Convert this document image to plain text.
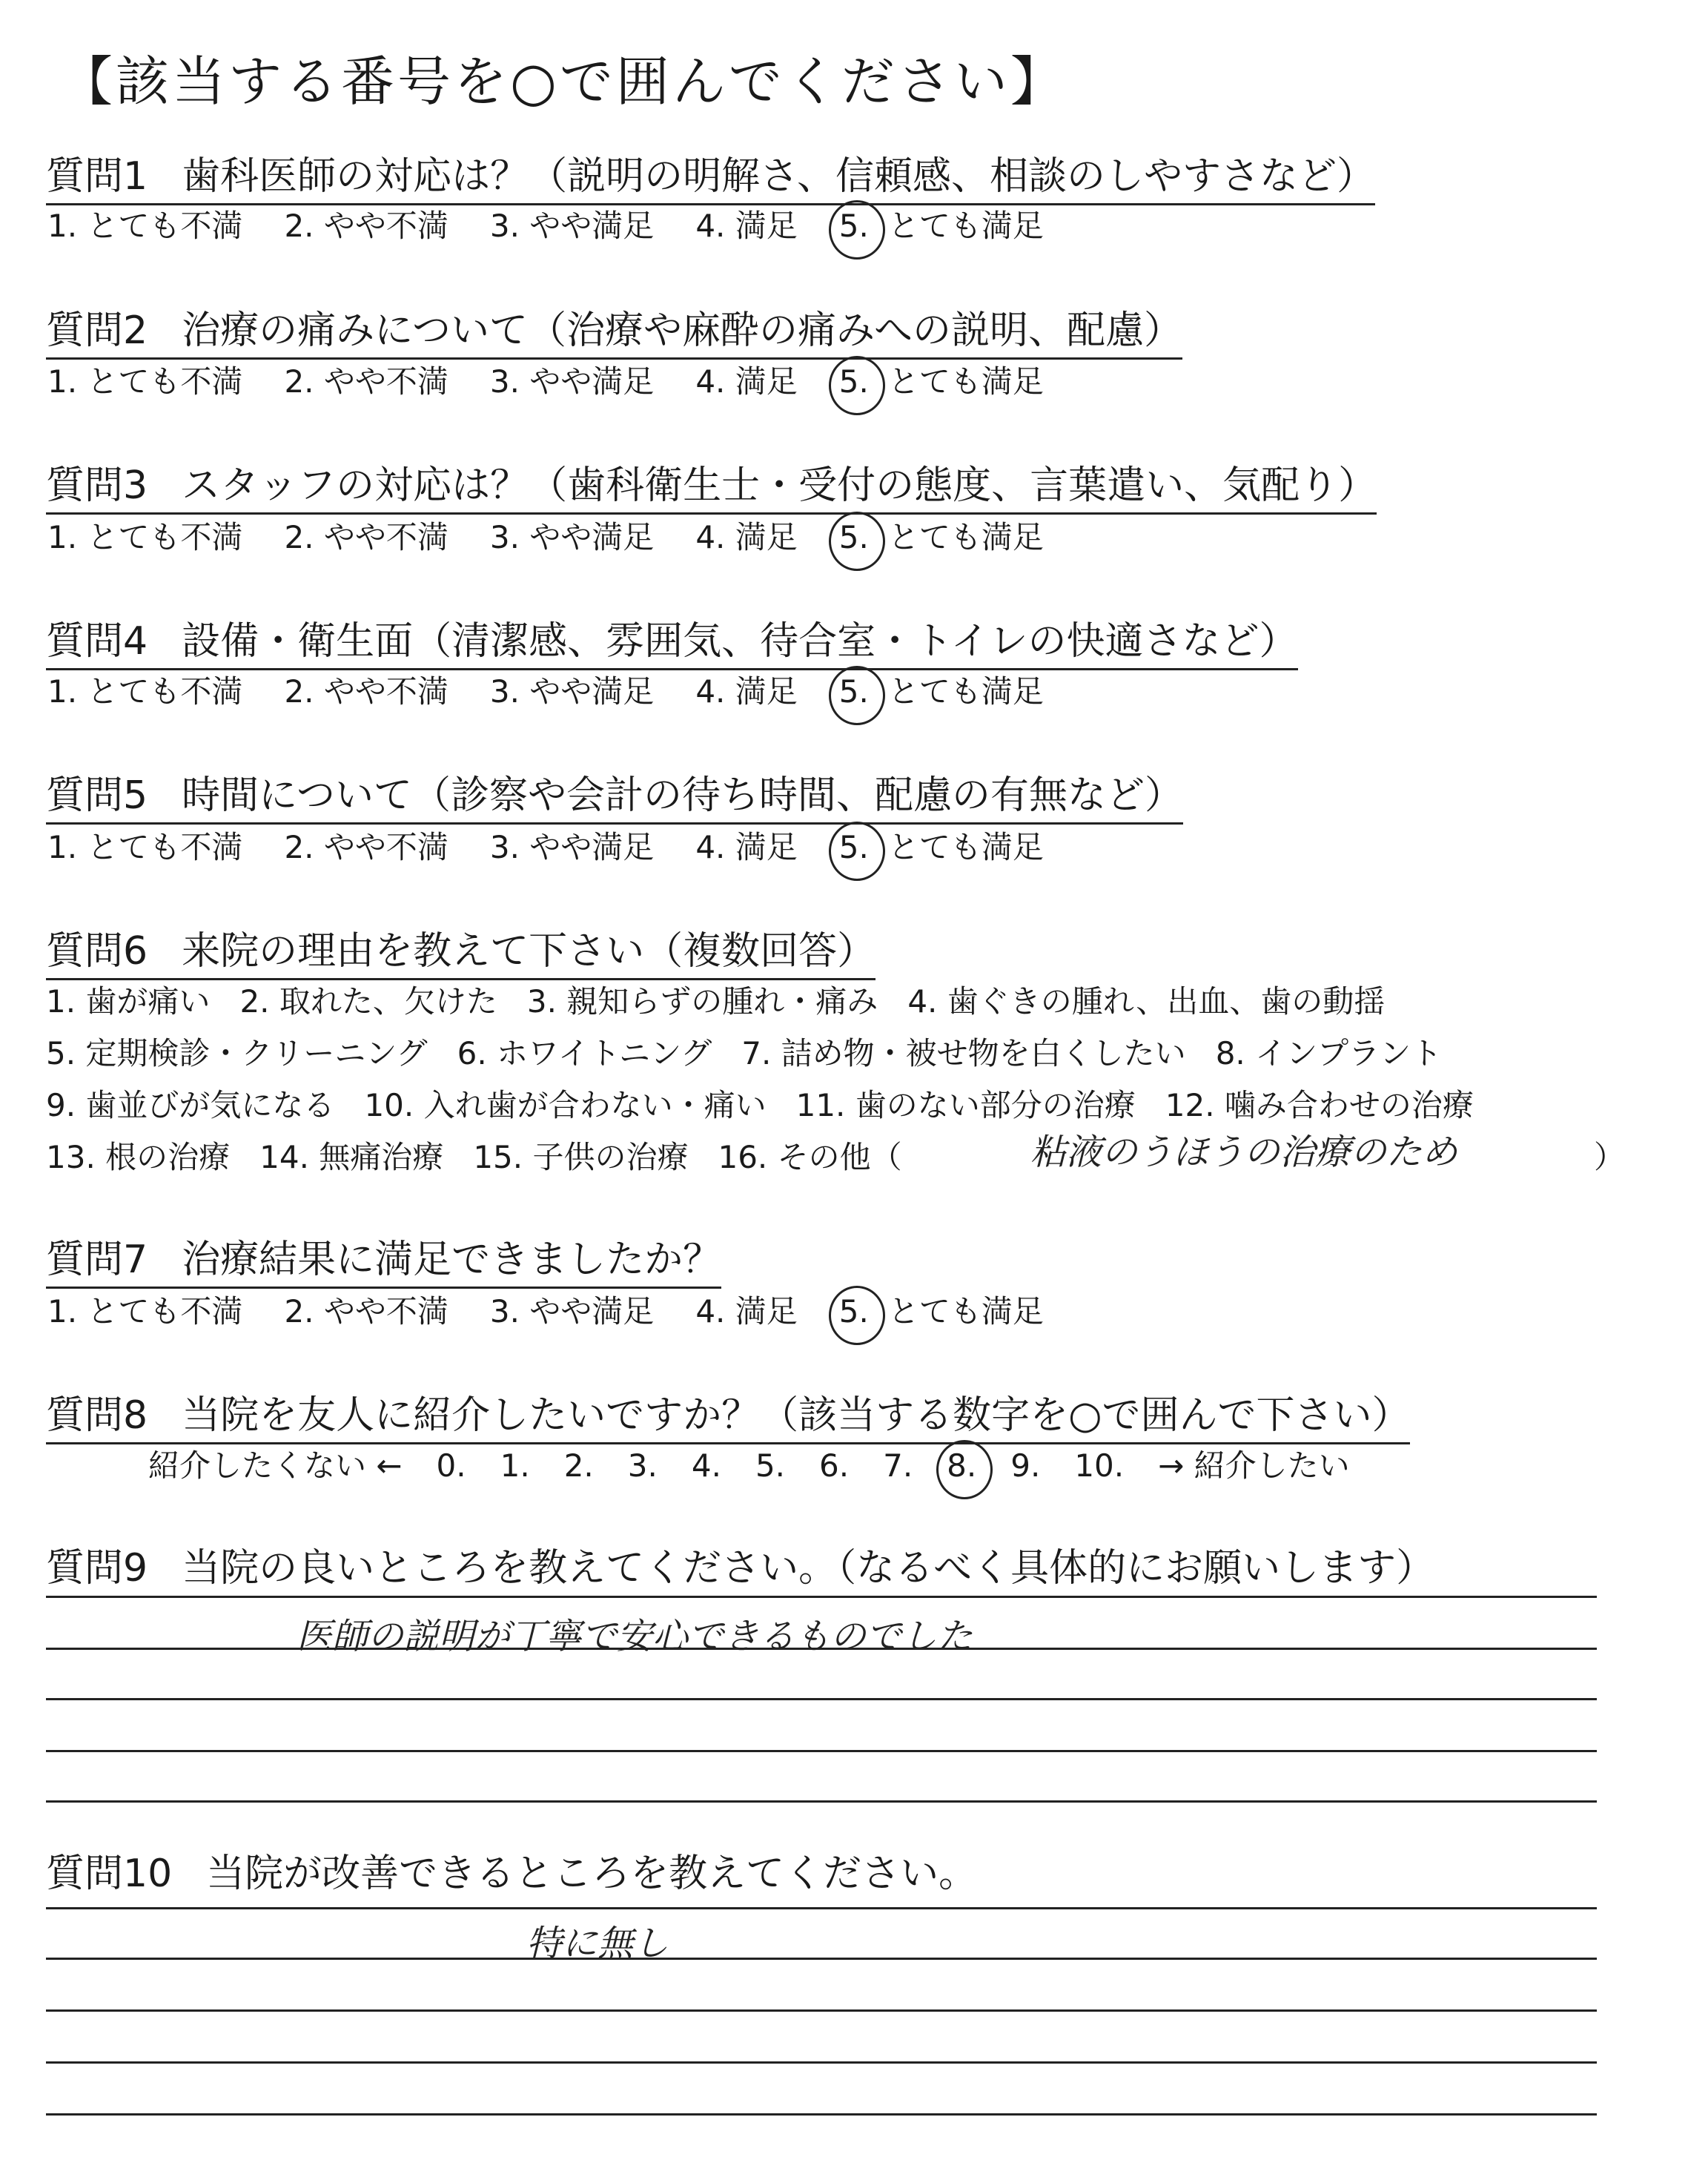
【該当する番号を○で囲んでください】
質問1 歯科医師の対応は？（説明の明解さ、信頼感、相談のしやすさなど）
1. とても不満 2. やや不満 3. やや満足 4. 満足 5. とても満足
質問2 治療の痛みについて（治療や麻酔の痛みへの説明、配慮）
1. とても不満 2. やや不満 3. やや満足 4. 満足 5. とても満足
質問3 スタッフの対応は？（歯科衛生士・受付の態度、言葉遣い、気配り）
1. とても不満 2. やや不満 3. やや満足 4. 満足 5. とても満足
質問4 設備・衛生面（清潔感、雰囲気、待合室・トイレの快適さなど）
1. とても不満 2. やや不満 3. やや満足 4. 満足 5. とても満足
質問5 時間について（診察や会計の待ち時間、配慮の有無など）
1. とても不満 2. やや不満 3. やや満足 4. 満足 5. とても満足
質問6 来院の理由を教えて下さい（複数回答）
1. 歯が痛い 2. 取れた、欠けた 3. 親知らずの腫れ・痛み 4. 歯ぐきの腫れ、出血、歯の動揺
5. 定期検診・クリーニング 6. ホワイトニング 7. 詰め物・被せ物を白くしたい 8. インプラント
9. 歯並びが気になる 10. 入れ歯が合わない・痛い 11. 歯のない部分の治療 12. 噛み合わせの治療
13. 根の治療 14. 無痛治療 15. 子供の治療 16. その他（	粘液のうほうの治療のため	）
質問7 治療結果に満足できましたか？
1. とても不満 2. やや不満 3. やや満足 4. 満足 5. とても満足
質問8 当院を友人に紹介したいですか？（該当する数字を○で囲んで下さい）
紹介したくない ← 0. 1. 2. 3. 4. 5. 6. 7. 8. 9. 10. → 紹介したい
質問9 当院の良いところを教えてください。（なるべく具体的にお願いします）
医師の説明が丁寧で安心できるものでした
質問10 当院が改善できるところを教えてください。
特に無し
